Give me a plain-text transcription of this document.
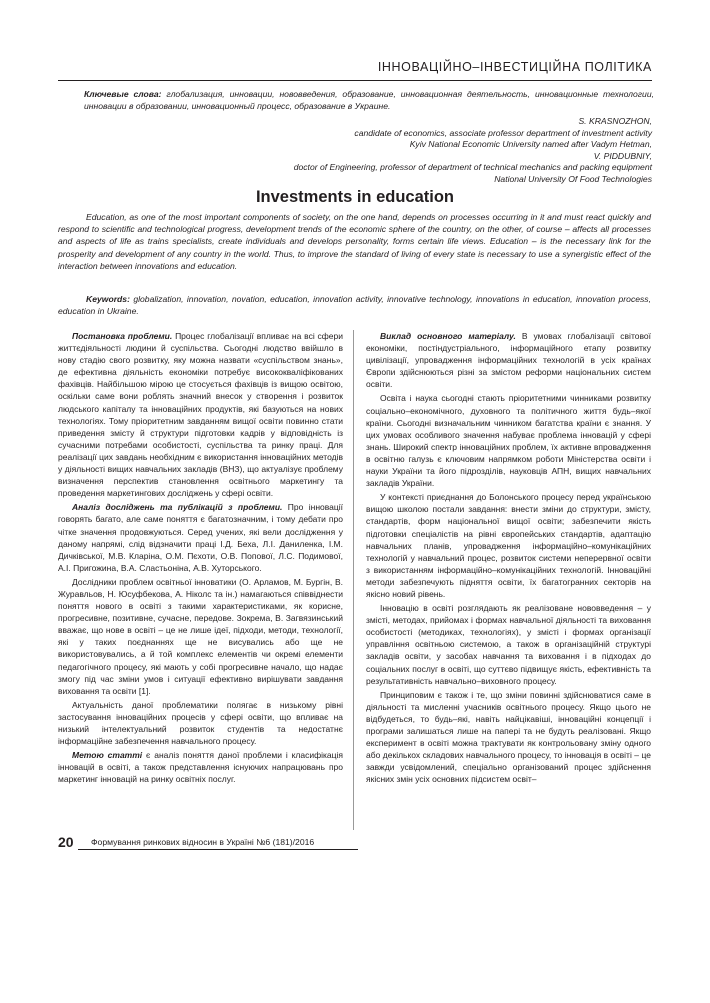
ІННОВАЦІЙНО–ІНВЕСТИЦІЙНА ПОЛІТИКА
Ключевые слова: глобализация, инновации, нововведения, образование, инновационная деятельность, инновационные технологии, инновации в образовании, инновационный процесс, образование в Украине.
S. KRASNOZHON,
candidate of economics, associate professor department of investment activity
Kyiv National Economic University named after Vadym Hetman,
V. PIDDUBNIY,
doctor of Engineering, professor of department of technical mechanics and packing equipment
National University Of Food Technologies
Investments in education
Education, as one of the most important components of society, on the one hand, depends on processes occurring in it and must react quickly and respond to scientific and technological progress, development trends of the economic sphere of the country, on the other, of course – affects all processes and aspects of life as trains specialists, create individuals and develops personality, forms certain life views. Education – is the necessary link for the prosperity and development of any country in the world. Thus, to improve the standard of living of every state is necessary to use a synergistic effect of the interaction between innovations and education.
Keywords: globalization, innovation, novation, education, innovation activity, innovative technology, innovations in education, innovation process, education in Ukraine.

Постановка проблеми. Процес глобалізації впливає на всі сфери життєдіяльності людини й суспільства. Сьогодні людство ввійшло в нову стадію свого розвитку, яку можна назвати «суспільством знань», де ефективна діяльність економіки потребує висококваліфікованих фахівців. Найбільшою мірою це стосується фахівців із вищою освітою, оскільки саме вони роблять значний внесок у створення і розвиток людського капіталу та інноваційних продуктів, які базуються на нових технологіях. Тому пріоритетним завданням вищої освіти повинно стати приведення змісту й структури підготовки кадрів у відповідність із сучасними потребами особистості, суспільства та ринку праці. Для реалізації цих завдань необхідним є використання інноваційних методів у діяльності вищих навчальних закладів (ВНЗ), що актуалізує проблему визначення перспектив становлення освітнього маркетингу та проведення маркетингових досліджень у сфері освіти.

Аналіз досліджень та публікацій з проблеми. Про інновації говорять багато, але саме поняття є багатозначним, і тому дебати про чітке значення продовжуються. Серед учених, які вели дослідження у даному напрямі, слід відзначити праці І.Д. Беха, Л.І. Даниленка, І.М. Дичківської, М.В. Кларіна, О.М. Пєхоти, О.В. Попової, Л.С. Подимової, А.І. Пригожина, В.А. Сластьоніна, А.В. Хуторського.

Дослідники проблем освітньої інноватики (О. Арламов, М. Бургін, В. Журавльов, Н. Юсуфбекова, А. Ніколс та ін.) намагаються співвіднести поняття нового в освіті з такими характеристиками, як корисне, прогресивне, позитивне, сучасне, передове. Зокрема, В. Загвязинський вважає, що нове в освіті – це не лише ідеї, підходи, методи, технології, які у таких поєднаннях ще не висувались або ще не використовувались, а й той комплекс елементів чи окремі елементи педагогічного процесу, які мають у собі прогресивне начало, що надає змогу під час зміни умов і ситуації ефективно вирішувати завдання виховання та освіти [1].

Актуальність даної проблематики полягає в низькому рівні застосування інноваційних процесів у сфері освіти, що впливає на низький інтелектуальний розвиток студентів та недостатнє інформаційне забезпечення навчального процесу.

Метою статті є аналіз поняття даної проблеми і класифікація інновацій в освіті, а також представлення існуючих напрацювань про маркетинг інновацій на ринку освітніх послуг.

Виклад основного матеріалу. В умовах глобалізації світової економіки, постіндустріального, інформаційного етапу розвитку цивілізації, упровадження інформаційних технологій в усіх країнах Європи здійснюються різні за змістом реформи національних систем освіти.

Освіта і наука сьогодні стають пріоритетними чинниками розвитку соціально–економічного, духовного та політичного життя будь–якої країни. Сьогодні визначальним чинником багатства країни є знання. У цих умовах особливого значення набуває проблема інновацій у сфері знань. Широкий спектр інноваційних проблем, їх активне впровадження в освітню галузь є ключовим напрямком роботи Міністерства освіти і науки України та його підрозділів, науковців АПН, вищих навчальних закладів України.

У контексті приєднання до Болонського процесу перед українською вищою школою постали завдання: внести зміни до структури, змісту, стандартів, форм національної вищої освіти; забезпечити якість підготовки спеціалістів на рівні європейських стандартів, адаптацію навчальних планів, упровадження інформаційно–комунікаційних технологій у навчальний процес, розвиток системи неперервної освіти з використанням інформаційно–комунікаційних технологій. Інноваційні методи забезпечують підняття освіти, їх багатогранних секторів на якісно новий рівень.

Інновацію в освіті розглядають як реалізоване нововведення – у змісті, методах, прийомах і формах навчальної діяльності та виховання особистості (методиках, технологіях), у змісті і формах організації управління освітньою системою, а також в організаційній структурі закладів освіти, у засобах навчання та виховання і в підходах до соціальних послуг в освіті, що суттєво підвищує якість, ефективність та результативність навчально–виховного процесу.

Принциповим є також і те, що зміни повинні здійснюватися саме в діяльності та мисленні учасників освітнього процесу. Якщо цього не відбудеться, то будь–які, навіть найцікавіші, інноваційні концепції і програми залишаться лише на папері та не будуть реалізовані. Якщо експеримент в освіті можна трактувати як контрольовану зміну одного або декількох складових навчального процесу, то інновація в освіті – це завжди усвідомлений, спеціально організований процес здійснення якісних змін усіх основних підсистем освіт–

20 Формування ринкових відносин в Україні №6 (181)/2016
